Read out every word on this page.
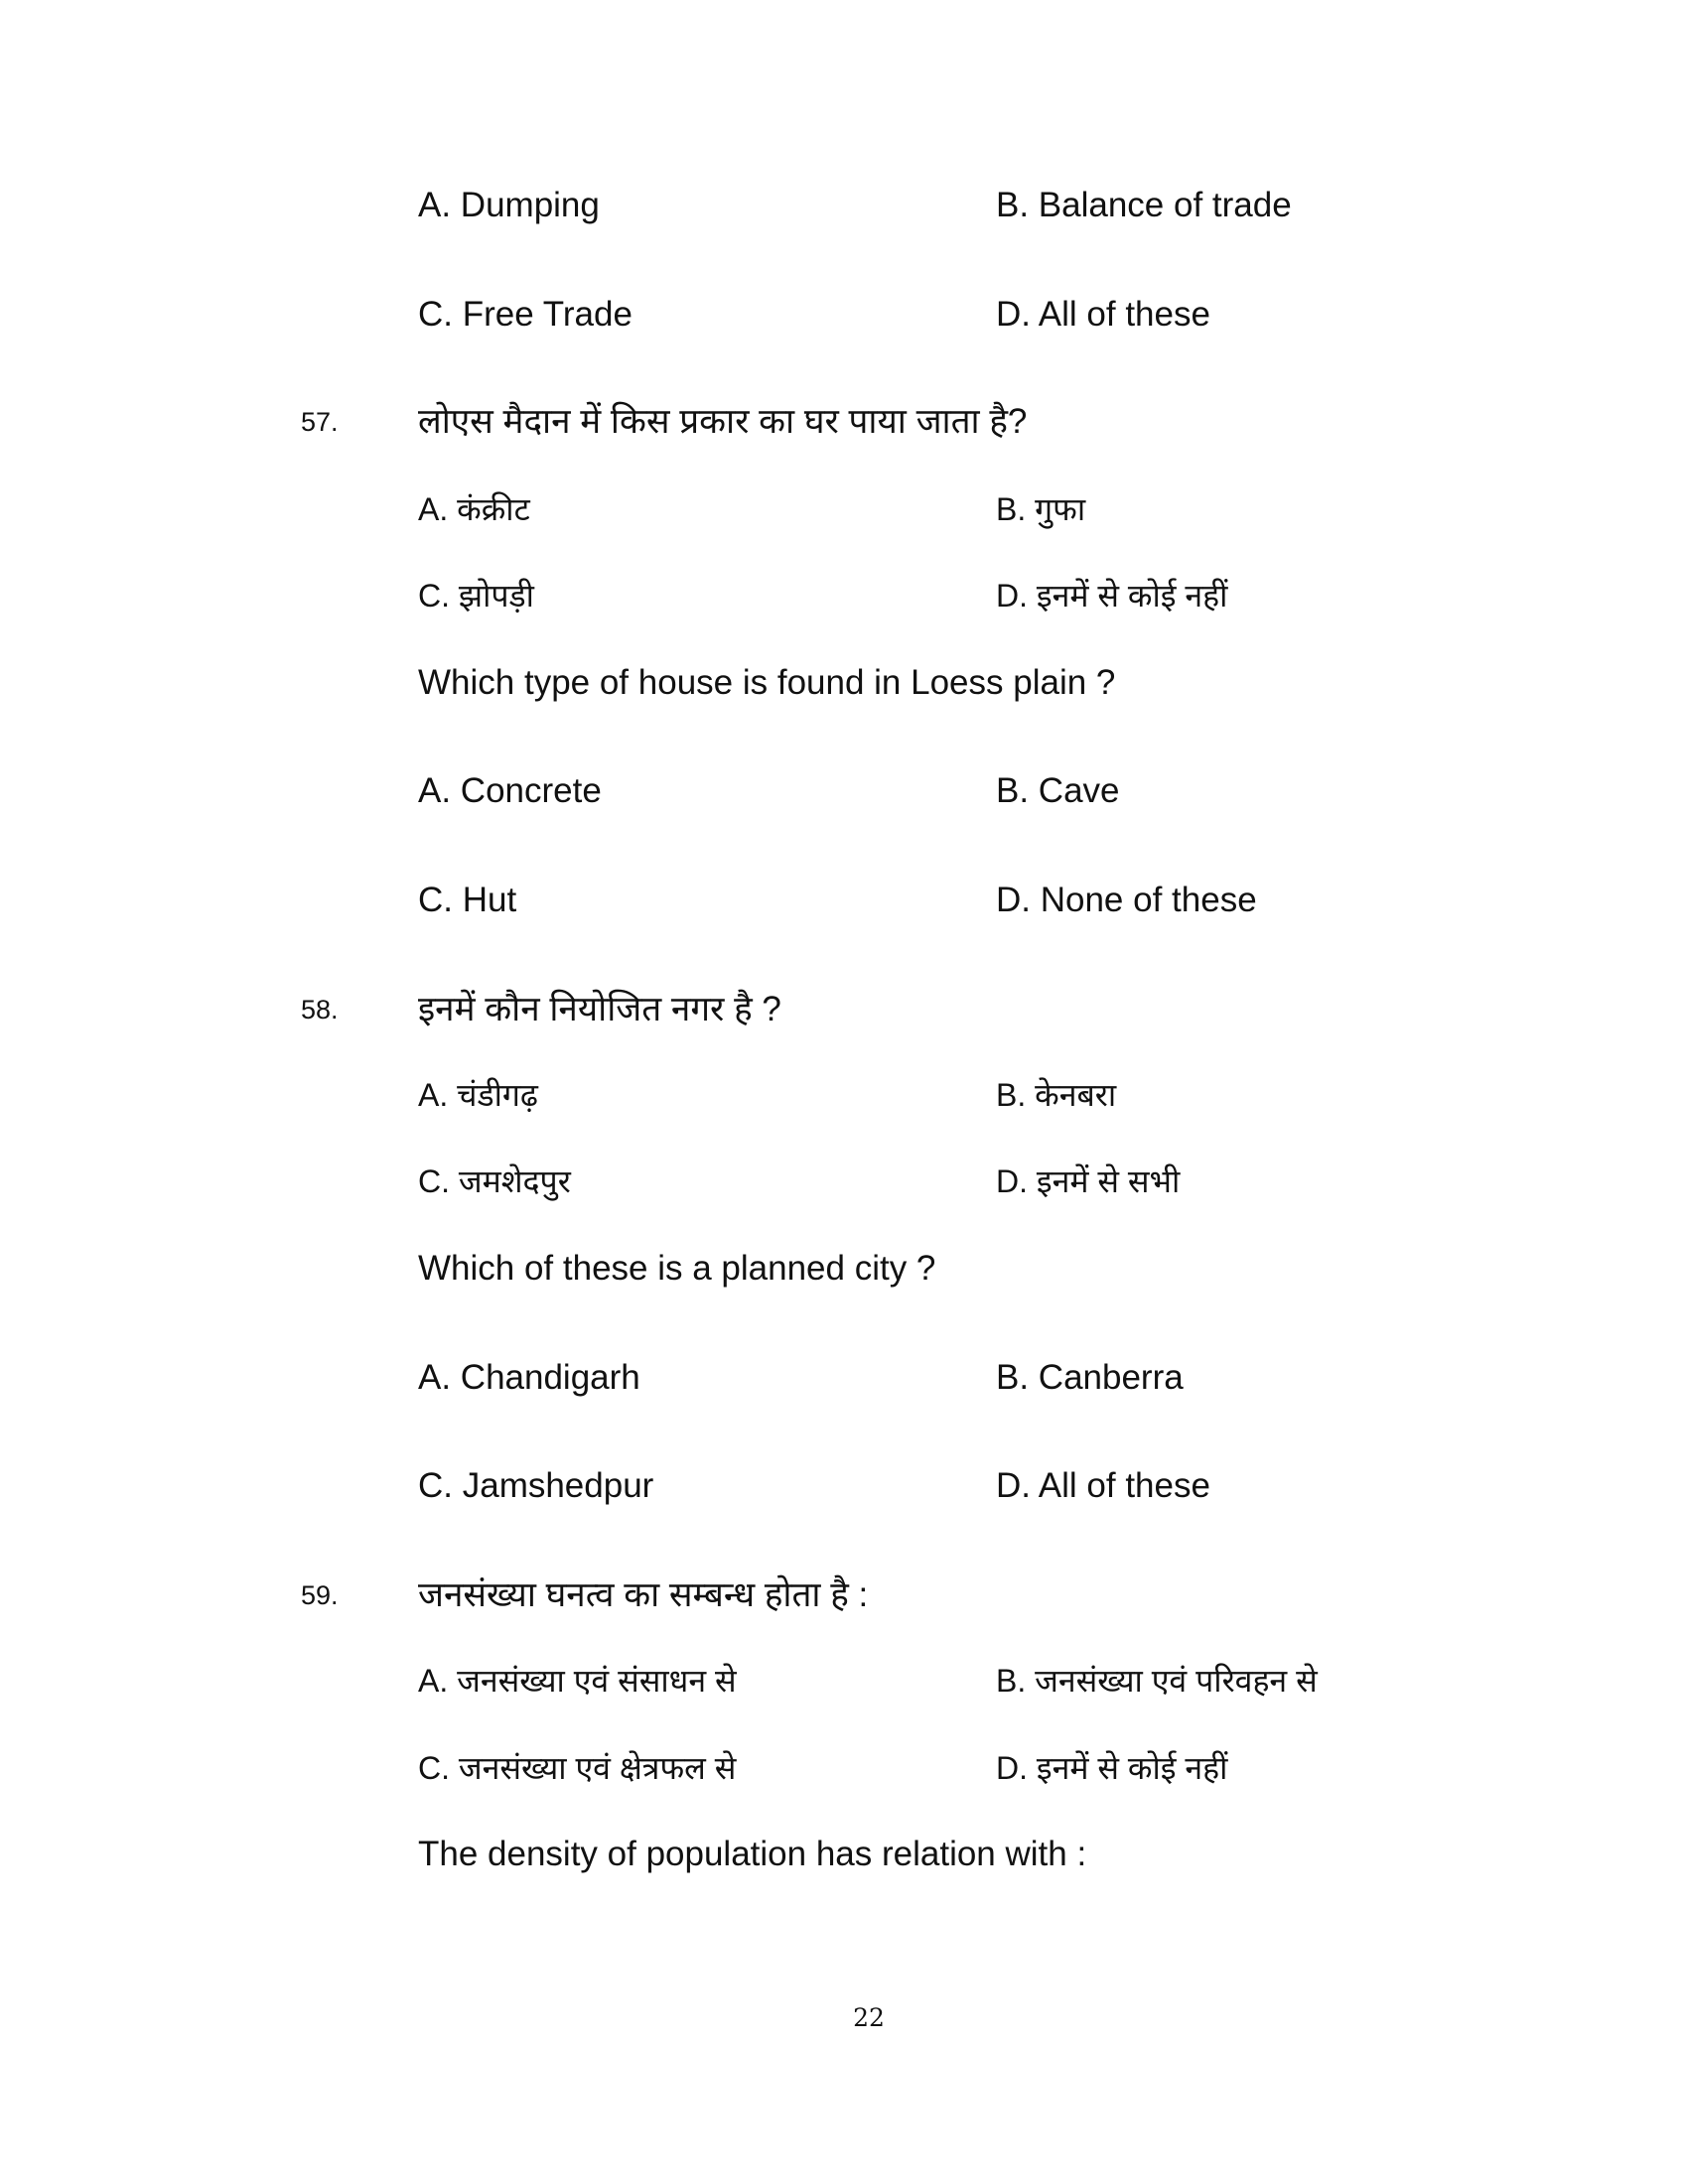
A. Dumping	B. Balance of trade
C. Free Trade	D. All of these
57. लोएस मैदान में किस प्रकार का घर पाया जाता है?
A. कंक्रीट	B. गुफा
C. झोपड़ी	D. इनमें से कोई नहीं
Which type of house is found in Loess plain ?
A. Concrete	B. Cave
C. Hut	D. None of these
58. इनमें कौन नियोजित नगर है ?
A. चंडीगढ़	B. केनबरा
C. जमशेदपुर	D. इनमें से सभी
Which of these is a planned city ?
A. Chandigarh	B. Canberra
C. Jamshedpur	D. All of these
59. जनसंख्या घनत्व का सम्बन्ध होता है :
A. जनसंख्या एवं संसाधन से	B. जनसंख्या एवं परिवहन से
C. जनसंख्या एवं क्षेत्रफल से	D. इनमें से कोई नहीं
The density of population has relation with :
22
